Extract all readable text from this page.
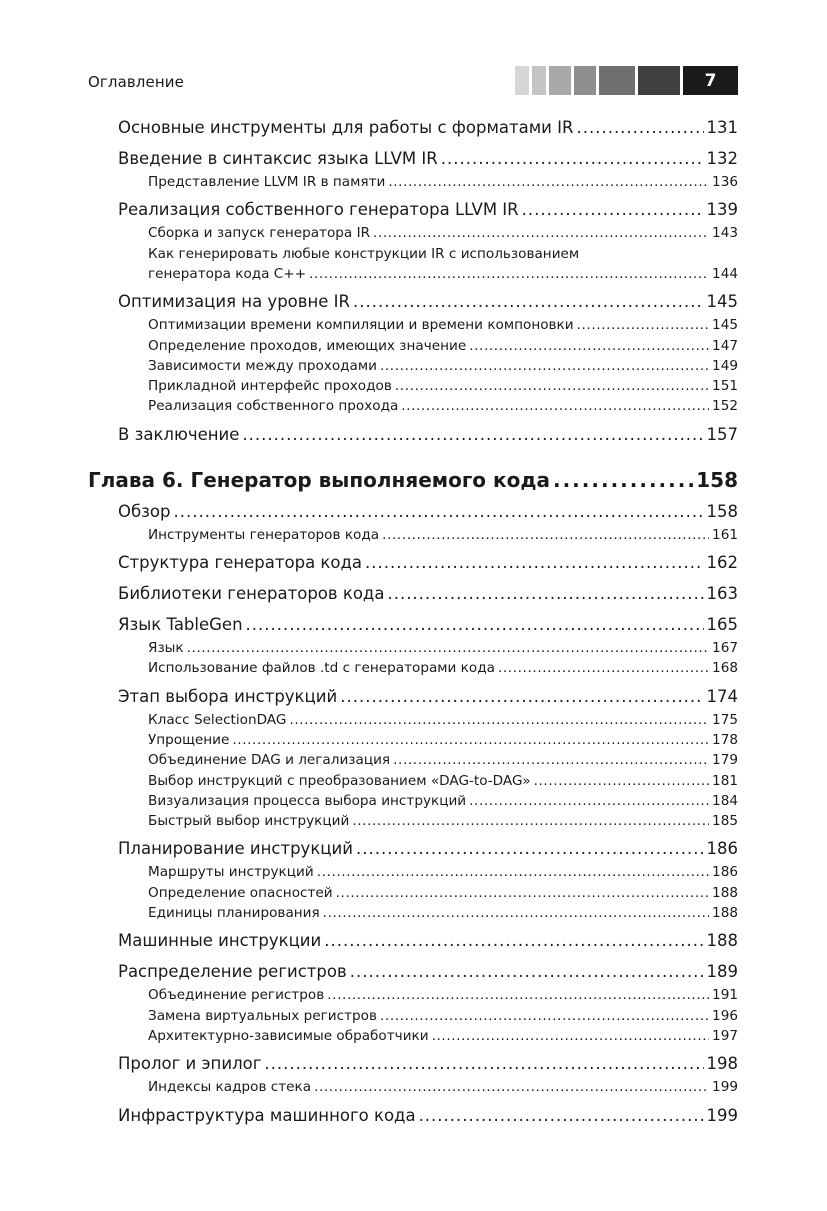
Оглавление	7
Основные инструменты для работы с форматами IR .....	131
Введение в синтаксис языка LLVM IR .....	132
Представление LLVM IR в памяти .....	136
Реализация собственного генератора LLVM IR .....	139
Сборка и запуск генератора IR .....	143
Как генерировать любые конструкции IR с использованием
генератора кода C++ .....	144
Оптимизация на уровне IR .....	145
Оптимизации времени компиляции и времени компоновки .....	145
Определение проходов, имеющих значение .....	147
Зависимости между проходами .....	149
Прикладной интерфейс проходов .....	151
Реализация собственного прохода .....	152
В заключение .....	157
Глава 6. Генератор выполняемого кода .....	158
Обзор .....	158
Инструменты генераторов кода .....	161
Структура генератора кода .....	162
Библиотеки генераторов кода .....	163
Язык TableGen .....	165
Язык .....	167
Использование файлов .td с генераторами кода .....	168
Этап выбора инструкций .....	174
Класс SelectionDAG .....	175
Упрощение .....	178
Объединение DAG и легализация .....	179
Выбор инструкций с преобразованием «DAG-to-DAG» .....	181
Визуализация процесса выбора инструкций .....	184
Быстрый выбор инструкций .....	185
Планирование инструкций .....	186
Маршруты инструкций .....	186
Определение опасностей .....	188
Единицы планирования .....	188
Машинные инструкции .....	188
Распределение регистров .....	189
Объединение регистров .....	191
Замена виртуальных регистров .....	196
Архитектурно-зависимые обработчики .....	197
Пролог и эпилог .....	198
Индексы кадров стека .....	199
Инфраструктура машинного кода .....	199
